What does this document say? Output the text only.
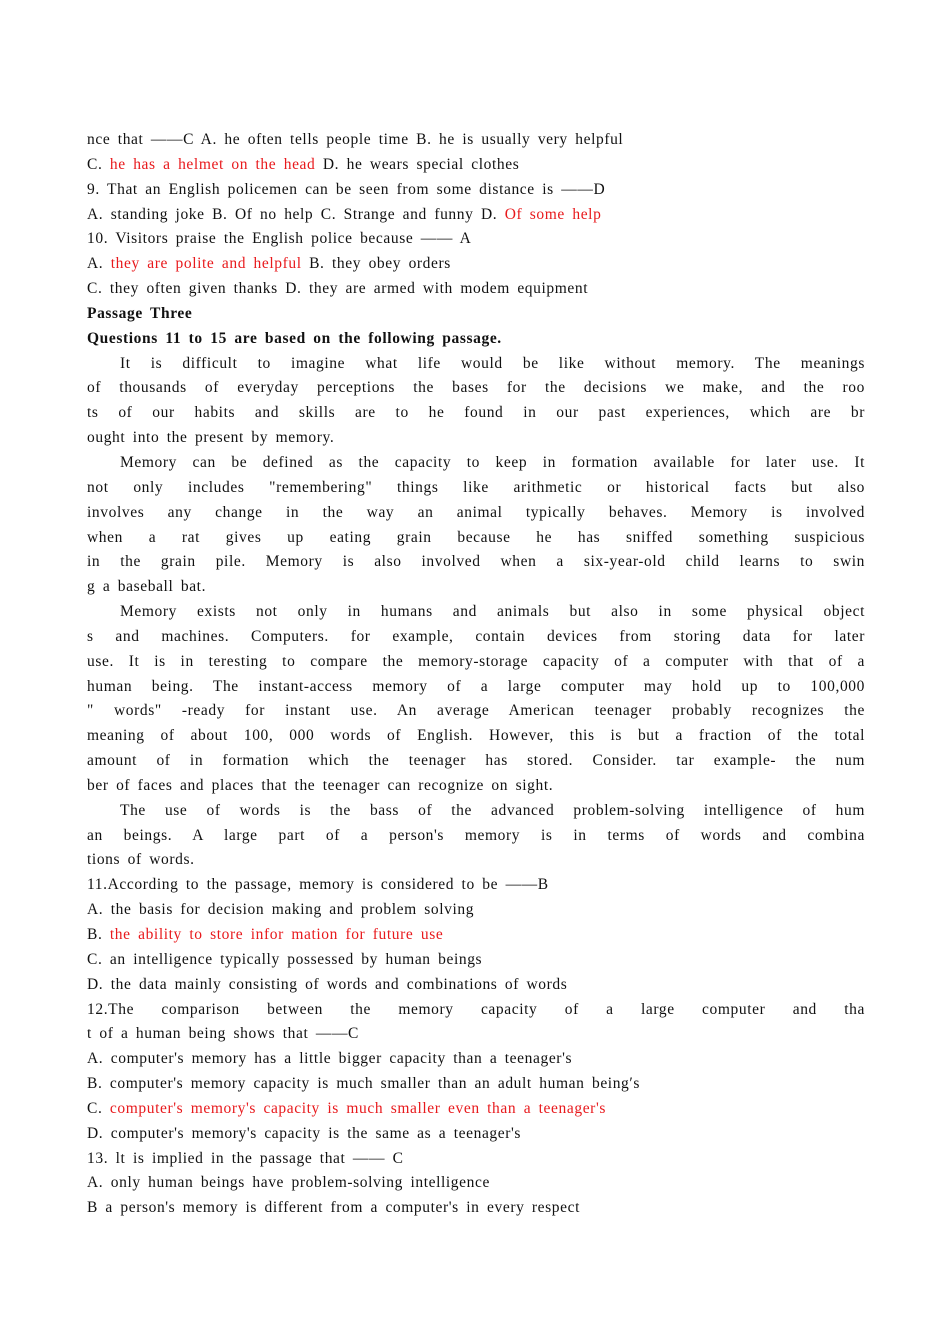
nce that ——C A. he often tells people time B. he is usually very helpful
C. he has a helmet on the head D. he wears special clothes
9. That an English policemen can be seen from some distance is ——D
A. standing joke B. Of no help C. Strange and funny D. Of some help
10. Visitors praise the English police because —— A
A. they are polite and helpful B. they obey orders
C. they often given thanks D. they are armed with modem equipment
Passage Three
Questions 11 to 15 are based on the following passage.
It is difficult to imagine what life would be like without memory. The meanings
of thousands of everyday perceptions the bases for the decisions we make, and the roo
ts of our habits and skills are to he found in our past experiences, which are br
ought into the present by memory.
Memory can be defined as the capacity to keep in formation available for later use. It
not only includes "remembering" things like arithmetic or historical facts but also
involves any change in the way an animal typically behaves. Memory is involved
when a rat gives up eating grain because he has sniffed something suspicious
in the grain pile. Memory is also involved when a six-year-old child learns to swin
g a baseball bat.
Memory exists not only in humans and animals but also in some physical object
s and machines. Computers. for example, contain devices from storing data for later
use. It is in teresting to compare the memory-storage capacity of a computer with that of a
human being. The instant-access memory of a large computer may hold up to 100,000
" words" -ready for instant use. An average American teenager probably recognizes the
meaning of about 100, 000 words of English. However, this is but a fraction of the total
amount of in formation which the teenager has stored. Consider. tar example- the num
ber of faces and places that the teenager can recognize on sight.
The use of words is the bass of the advanced problem-solving intelligence of hum
an beings. A large part of a person's memory is in terms of words and combina
tions of words.
11.According to the passage, memory is considered to be ——B
A. the basis for decision making and problem solving
B. the ability to store infor mation for future use
C. an intelligence typically possessed by human beings
D. the data mainly consisting of words and combinations of words
12.The comparison between the memory capacity of a large computer and tha
t of a human being shows that ——C
A. computer's memory has a little bigger capacity than a teenager's
B. computer's memory capacity is much smaller than an adult human being′s
C. computer's memory's capacity is much smaller even than a teenager's
D. computer's memory's capacity is the same as a teenager's
13. lt is implied in the passage that —— C
A. only human beings have problem-solving intelligence
B a person's memory is different from a computer's in every respect
